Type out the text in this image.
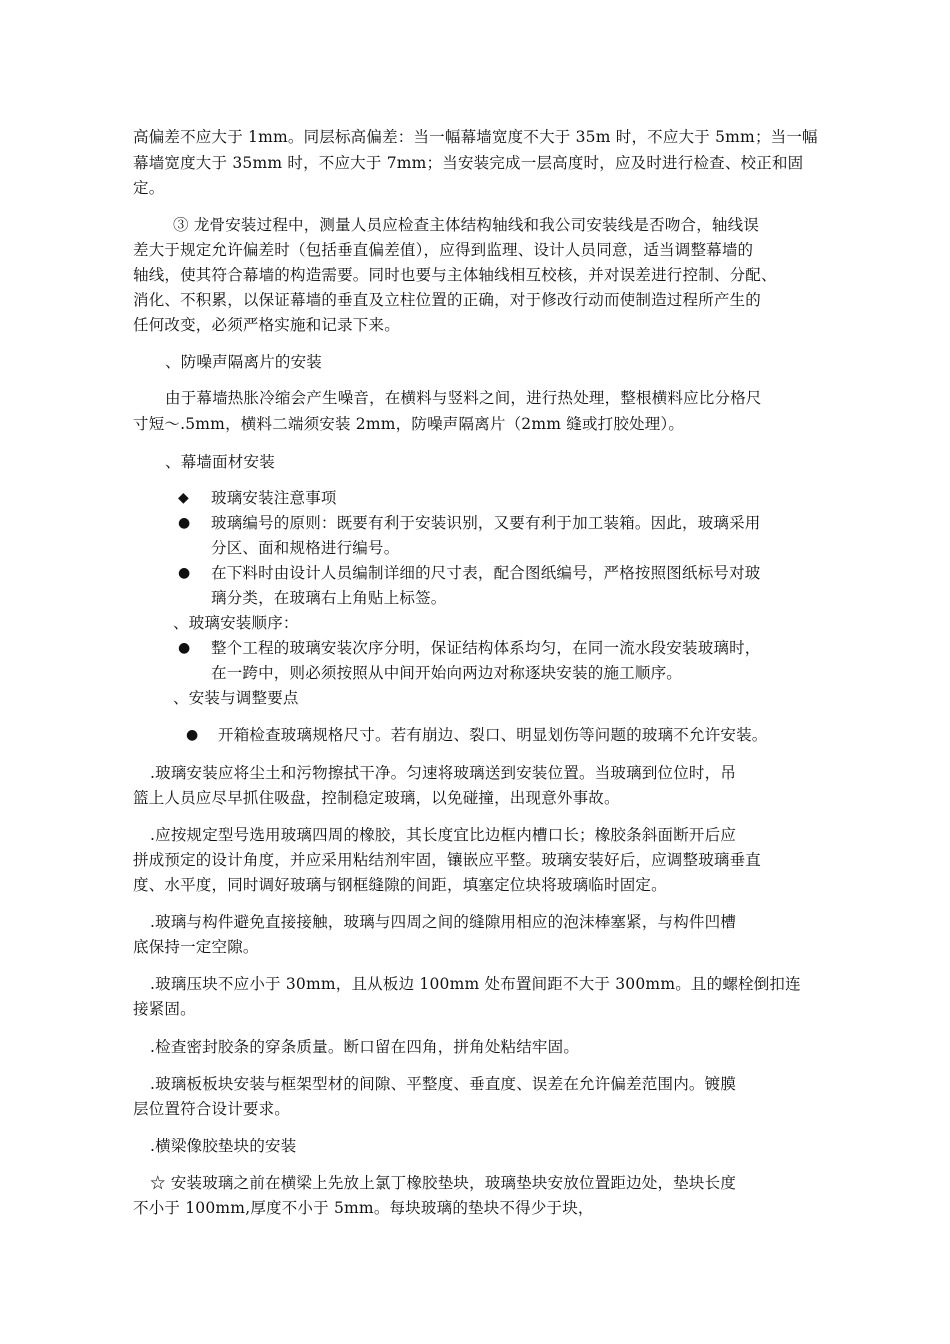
高偏差不应大于 1mm。同层标高偏差：当一幅幕墙宽度不大于 35m 时，不应大于 5mm；当一幅
幕墙宽度大于 35mm 时，不应大于 7mm；当安装完成一层高度时，应及时进行检查、校正和固
定。
③ 龙骨安装过程中，测量人员应检查主体结构轴线和我公司安装线是否吻合，轴线误
差大于规定允许偏差时（包括垂直偏差值），应得到监理、设计人员同意，适当调整幕墙的
轴线，使其符合幕墙的构造需要。同时也要与主体轴线相互校核，并对误差进行控制、分配、
消化、不积累，以保证幕墙的垂直及立柱位置的正确，对于修改行动而使制造过程所产生的
任何改变，必须严格实施和记录下来。
、防噪声隔离片的安装
由于幕墙热胀冷缩会产生噪音，在横料与竖料之间，进行热处理，整根横料应比分格尺
寸短～.5mm，横料二端须安装 2mm，防噪声隔离片（2mm 缝或打胶处理）。
、幕墙面材安装
◆ 玻璃安装注意事项
● 玻璃编号的原则：既要有利于安装识别，又要有利于加工装箱。因此，玻璃采用
分区、面和规格进行编号。
● 在下料时由设计人员编制详细的尺寸表，配合图纸编号，严格按照图纸标号对玻
璃分类，在玻璃右上角贴上标签。
、玻璃安装顺序：
● 整个工程的玻璃安装次序分明，保证结构体系均匀，在同一流水段安装玻璃时，
在一跨中，则必须按照从中间开始向两边对称逐块安装的施工顺序。
、安装与调整要点
● 开箱检查玻璃规格尺寸。若有崩边、裂口、明显划伤等问题的玻璃不允许安装。
.玻璃安装应将尘土和污物擦拭干净。匀速将玻璃送到安装位置。当玻璃到位位时，吊
篮上人员应尽早抓住吸盘，控制稳定玻璃，以免碰撞，出现意外事故。
.应按规定型号选用玻璃四周的橡胶，其长度宜比边框内槽口长；橡胶条斜面断开后应
拼成预定的设计角度，并应采用粘结剂牢固，镶嵌应平整。玻璃安装好后，应调整玻璃垂直
度、水平度，同时调好玻璃与钢框缝隙的间距，填塞定位块将玻璃临时固定。
.玻璃与构件避免直接接触，玻璃与四周之间的缝隙用相应的泡沫棒塞紧，与构件凹槽
底保持一定空隙。
.玻璃压块不应小于 30mm，且从板边 100mm 处布置间距不大于 300mm。且的螺栓倒扣连
接紧固。
.检查密封胶条的穿条质量。断口留在四角，拼角处粘结牢固。
.玻璃板板块安装与框架型材的间隙、平整度、垂直度、误差在允许偏差范围内。镀膜
层位置符合设计要求。
.横梁像胶垫块的安装
☆ 安装玻璃之前在横梁上先放上氯丁橡胶垫块，玻璃垫块安放位置距边处，垫块长度
不小于 100mm,厚度不小于 5mm。每块玻璃的垫块不得少于块，
